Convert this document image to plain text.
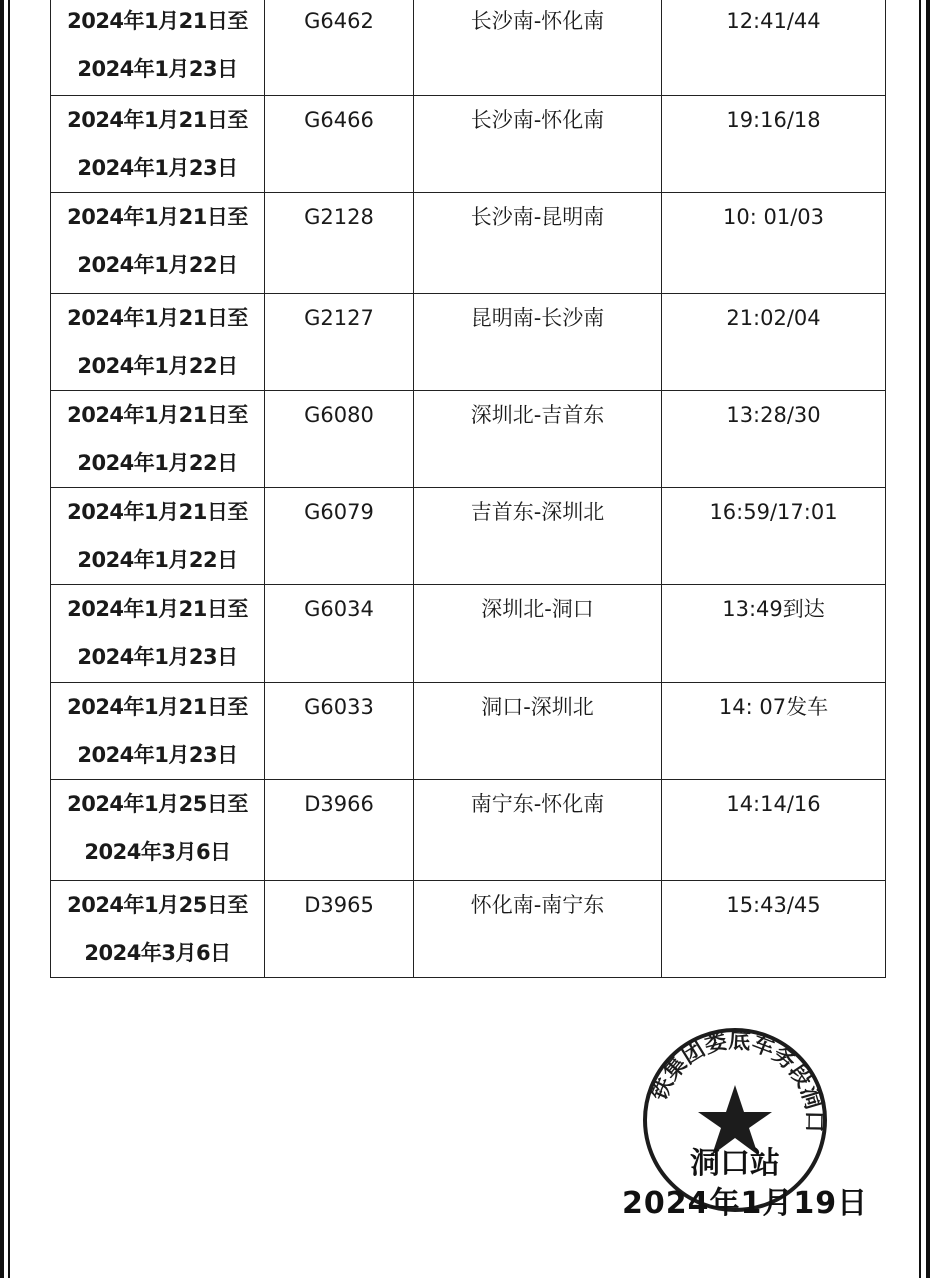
2024年1月21日至
2024年1月23日	G6462	长沙南-怀化南	12:41/44

2024年1月21日至
2024年1月23日	G6466	长沙南-怀化南	19:16/18

2024年1月21日至
2024年1月22日	G2128	长沙南-昆明南	10: 01/03

2024年1月21日至
2024年1月22日	G2127	昆明南-长沙南	21:02/04

2024年1月21日至
2024年1月22日	G6080	深圳北-吉首东	13:28/30

2024年1月21日至
2024年1月22日	G6079	吉首东-深圳北	16:59/17:01

2024年1月21日至
2024年1月23日	G6034	深圳北-洞口	13:49到达

2024年1月21日至
2024年1月23日	G6033	洞口-深圳北	14: 07发车

2024年1月25日至
2024年3月6日	D3966	南宁东-怀化南	14:14/16

2024年1月25日至
2024年3月6日	D3965	怀化南-南宁东	15:43/45
铁集团娄底车务段洞口
洞口站
2024年1月19日
